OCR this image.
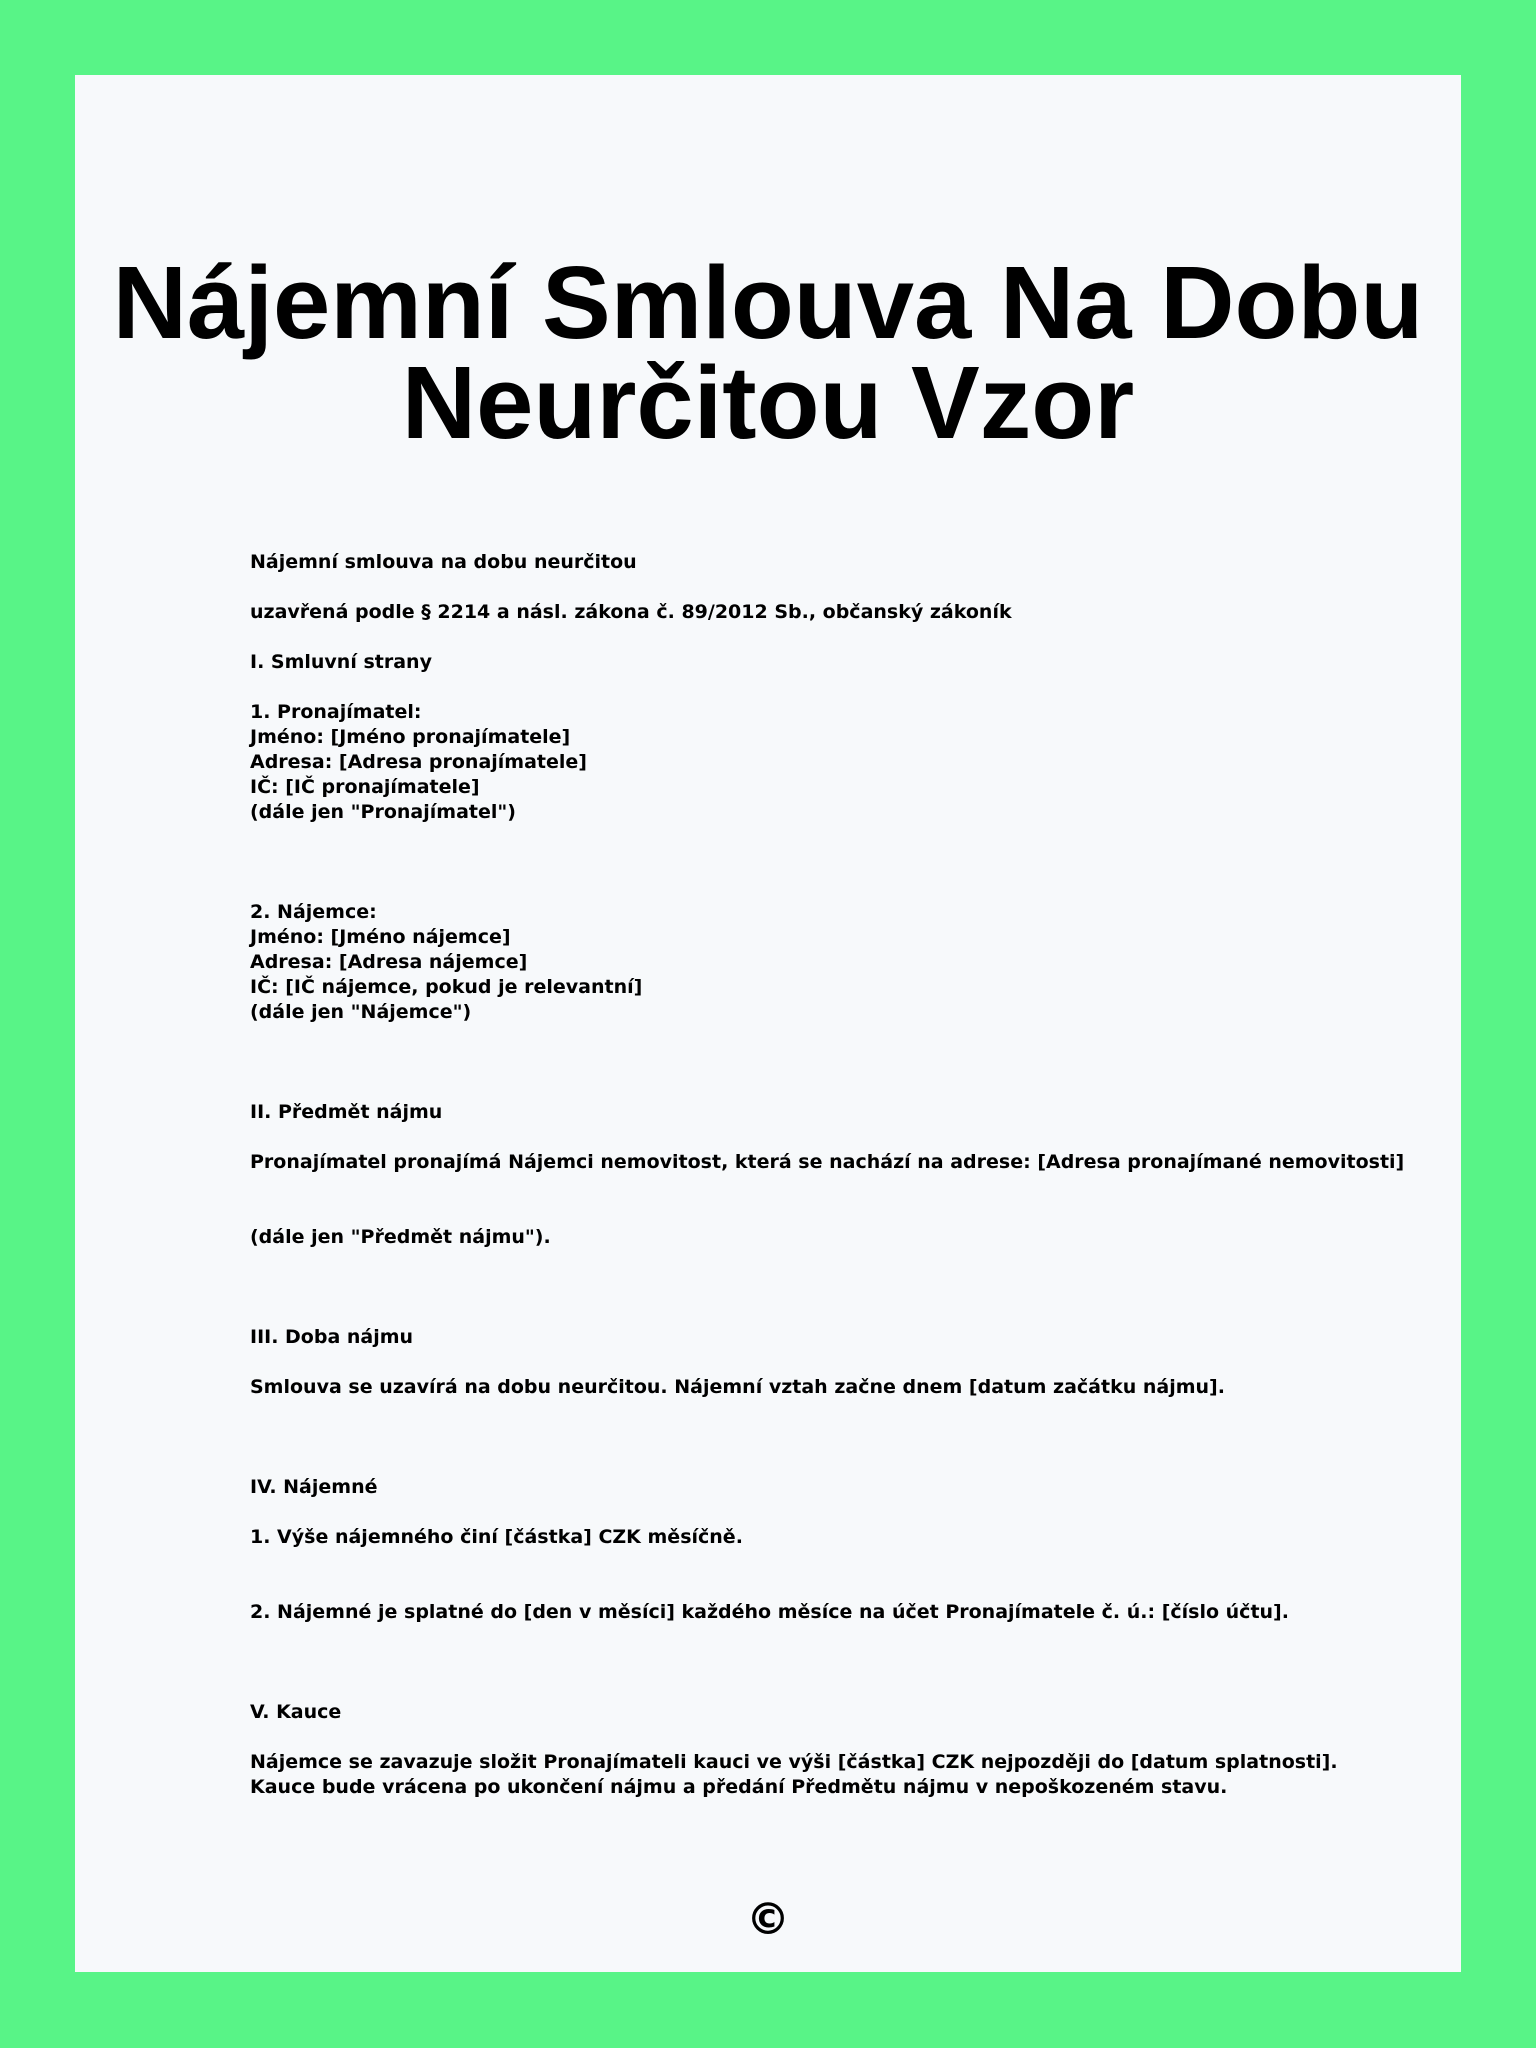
Nájemní Smlouva Na Dobu
Neurčitou Vzor
Nájemní smlouva na dobu neurčitou
uzavřená podle § 2214 a násl. zákona č. 89/2012 Sb., občanský zákoník
I. Smluvní strany
1. Pronajímatel:
Jméno: [Jméno pronajímatele]
Adresa: [Adresa pronajímatele]
IČ: [IČ pronajímatele]
(dále jen "Pronajímatel")
2. Nájemce:
Jméno: [Jméno nájemce]
Adresa: [Adresa nájemce]
IČ: [IČ nájemce, pokud je relevantní]
(dále jen "Nájemce")
II. Předmět nájmu
Pronajímatel pronajímá Nájemci nemovitost, která se nachází na adrese: [Adresa pronajímané nemovitosti]
(dále jen "Předmět nájmu").
III. Doba nájmu
Smlouva se uzavírá na dobu neurčitou. Nájemní vztah začne dnem [datum začátku nájmu].
IV. Nájemné
1. Výše nájemného činí [částka] CZK měsíčně.
2. Nájemné je splatné do [den v měsíci] každého měsíce na účet Pronajímatele č. ú.: [číslo účtu].
V. Kauce
Nájemce se zavazuje složit Pronajímateli kauci ve výši [částka] CZK nejpozději do [datum splatnosti].
Kauce bude vrácena po ukončení nájmu a předání Předmětu nájmu v nepoškozeném stavu.
©
